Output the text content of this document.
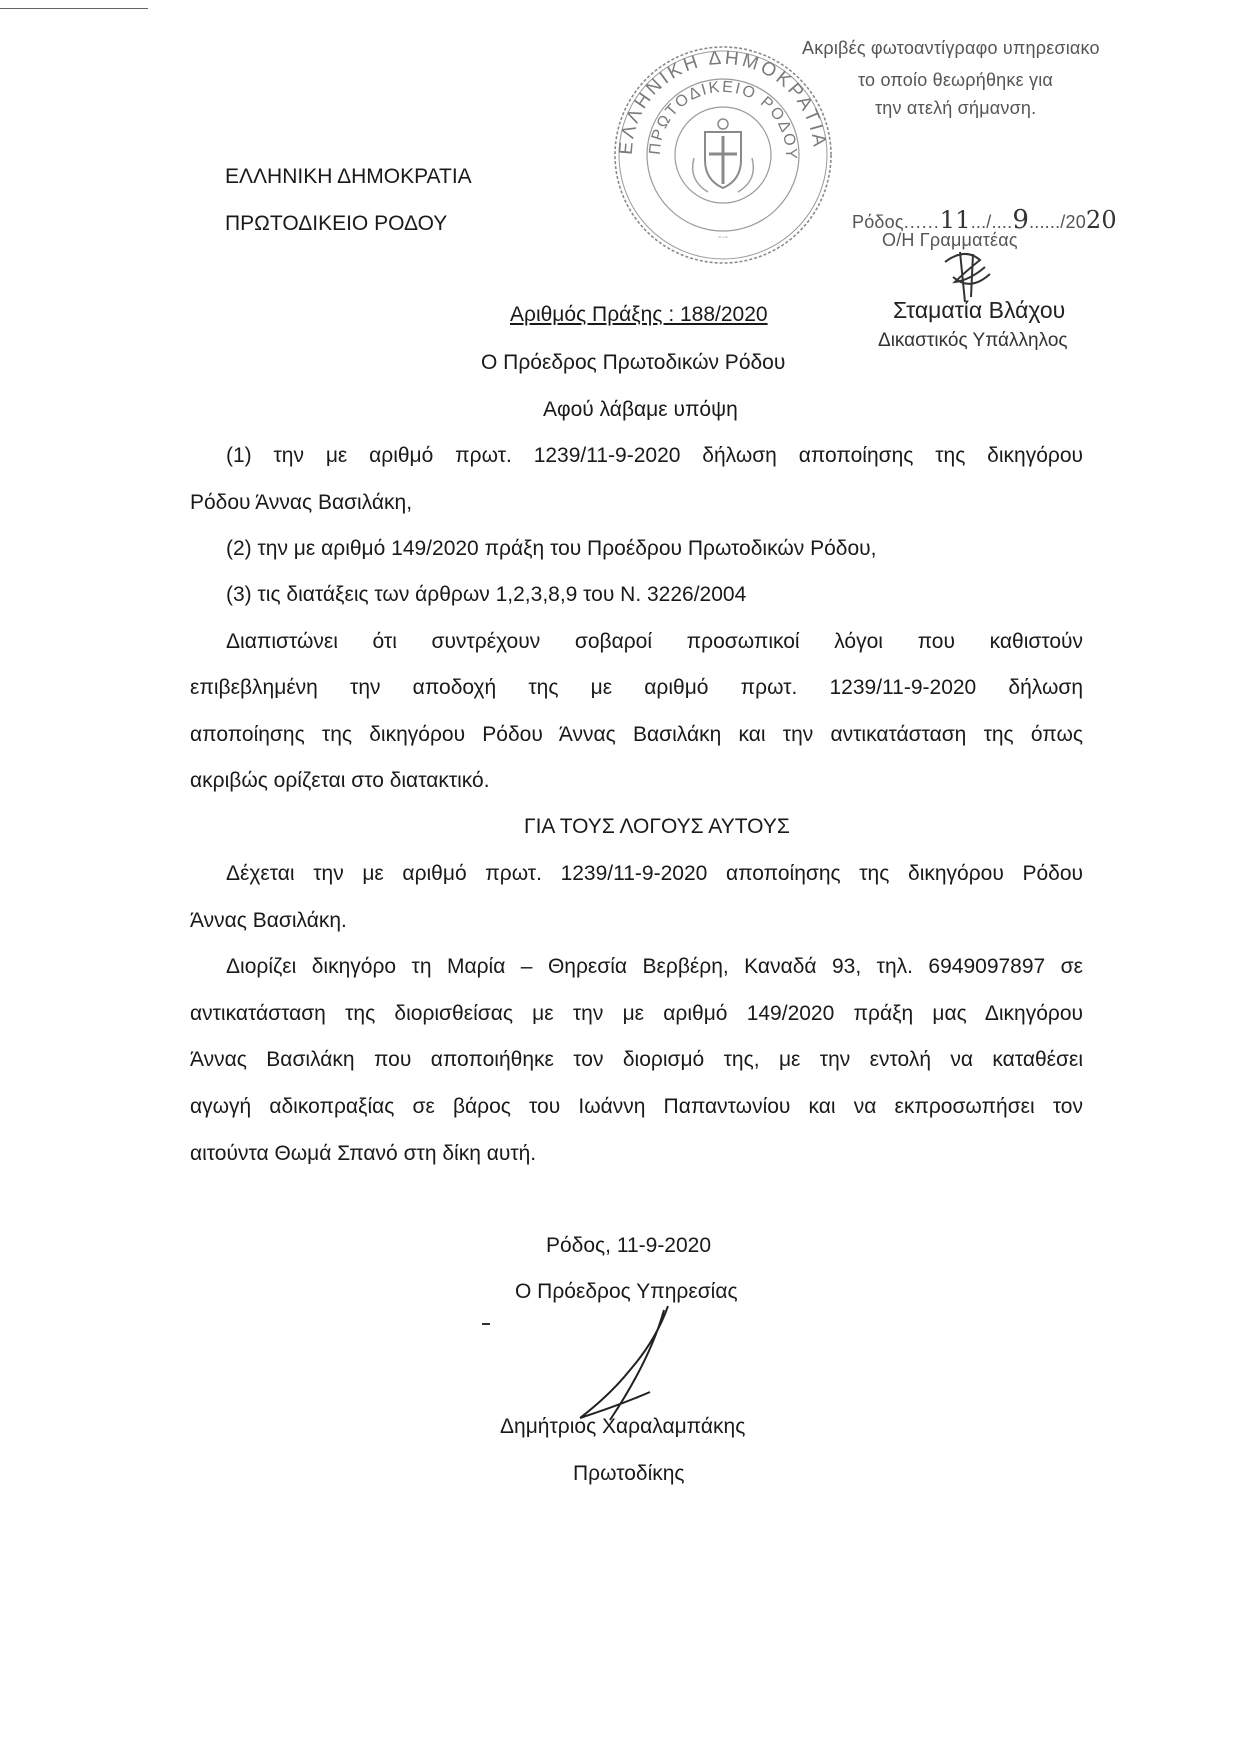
ΕΛΛΗΝΙΚΗ ΔΗΜΟΚΡΑΤΙΑ
ΠΡΩΤΟΔΙΚΕΙΟ ΡΟΔΟΥ
-·-
Ακριβές φωτοαντίγραφο υπηρεσιακο
το οποίο θεωρήθηκε για
την ατελή σήμανση.
Ρόδος......11.../....9....../2020
Ο/Η Γραμματέας
Σταματία Βλάχου
Δικαστικός Υπάλληλος
ΕΛΛΗΝΙΚΗ ΔΗΜΟΚΡΑΤΙΑ
ΠΡΩΤΟΔΙΚΕΙΟ ΡΟΔΟΥ
Αριθμός Πράξης : 188/2020
Ο Πρόεδρος Πρωτοδικών Ρόδου
Αφού λάβαμε υπόψη
(1) την με αριθμό πρωτ. 1239/11-9-2020 δήλωση αποποίησης της δικηγόρου
Ρόδου Άννας Βασιλάκη,
(2) την με αριθμό 149/2020 πράξη του Προέδρου Πρωτοδικών Ρόδου,
(3) τις διατάξεις των άρθρων 1,2,3,8,9 του Ν. 3226/2004
Διαπιστώνει ότι συντρέχουν σοβαροί προσωπικοί λόγοι που καθιστούν
επιβεβλημένη την αποδοχή της με αριθμό πρωτ. 1239/11-9-2020 δήλωση
αποποίησης της δικηγόρου Ρόδου Άννας Βασιλάκη και την αντικατάσταση της όπως
ακριβώς ορίζεται στο διατακτικό.
ΓΙΑ ΤΟΥΣ ΛΟΓΟΥΣ ΑΥΤΟΥΣ
Δέχεται την με αριθμό πρωτ. 1239/11-9-2020 αποποίησης της δικηγόρου Ρόδου
Άννας Βασιλάκη.
Διορίζει δικηγόρο τη Μαρία – Θηρεσία Βερβέρη, Καναδά 93, τηλ. 6949097897 σε
αντικατάσταση της διορισθείσας με την με αριθμό 149/2020 πράξη μας Δικηγόρου
Άννας Βασιλάκη που αποποιήθηκε τον διορισμό της, με την εντολή να καταθέσει
αγωγή αδικοπραξίας σε βάρος του Ιωάννη Παπαντωνίου και να εκπροσωπήσει τον
αιτούντα Θωμά Σπανό στη δίκη αυτή.
Ρόδος, 11-9-2020
Ο Πρόεδρος Υπηρεσίας
Δημήτριος Χαραλαμπάκης
Πρωτοδίκης
